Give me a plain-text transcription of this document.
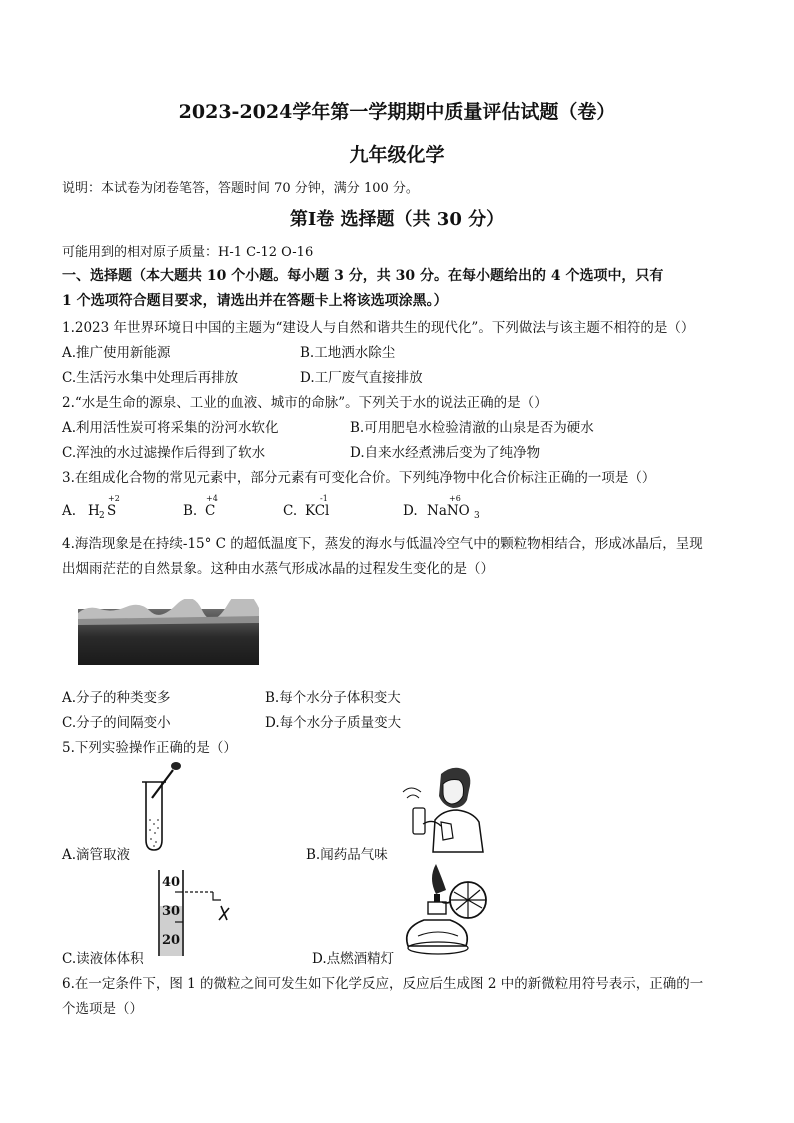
2023-2024学年第一学期期中质量评估试题（卷）
九年级化学
说明：本试卷为闭卷笔答，答题时间 70 分钟，满分 100 分。
第Ⅰ卷 选择题（共 30 分）
可能用到的相对原子质量：H-1 C-12 O-16
一、选择题（本大题共 10 个小题。每小题 3 分，共 30 分。在每小题给出的 4 个选项中，只有
1 个选项符合题目要求，请选出并在答题卡上将该选项涂黑。）
1.2023 年世界环境日中国的主题为“建设人与自然和谐共生的现代化”。下列做法与该主题不相符的是（）
A.推广使用新能源	B.工地洒水除尘
C.生活污水集中处理后再排放	D.工厂废气直接排放
2.“水是生命的源泉、工业的血液、城市的命脉”。下列关于水的说法正确的是（）
A.利用活性炭可将采集的汾河水软化	B.可用肥皂水检验清澈的山泉是否为硬水
C.浑浊的水过滤操作后得到了软水	D.自来水经煮沸后变为了纯净物
3.在组成化合物的常见元素中，部分元素有可变化合价。下列纯净物中化合价标注正确的一项是（）
A.
+2
H 2 S	B.
+4
C	C.
-1
KCl	D.
+6
NaNO 3
4.海浩现象是在持续-15° C 的超低温度下，蒸发的海水与低温冷空气中的颗粒物相结合，形成冰晶后，呈现
出烟雨茫茫的自然景象。这种由水蒸气形成冰晶的过程发生变化的是（）
A.分子的种类变多	B.每个水分子体积变大
C.分子的间隔变小	D.每个水分子质量变大
5.下列实验操作正确的是（）
A.滴管取液	B.闻药品气味
40
30
20
C.读液体体积	D.点燃酒精灯
6.在一定条件下，图 1 的微粒之间可发生如下化学反应，反应后生成图 2 中的新微粒用符号表示，正确的一
个选项是（）
